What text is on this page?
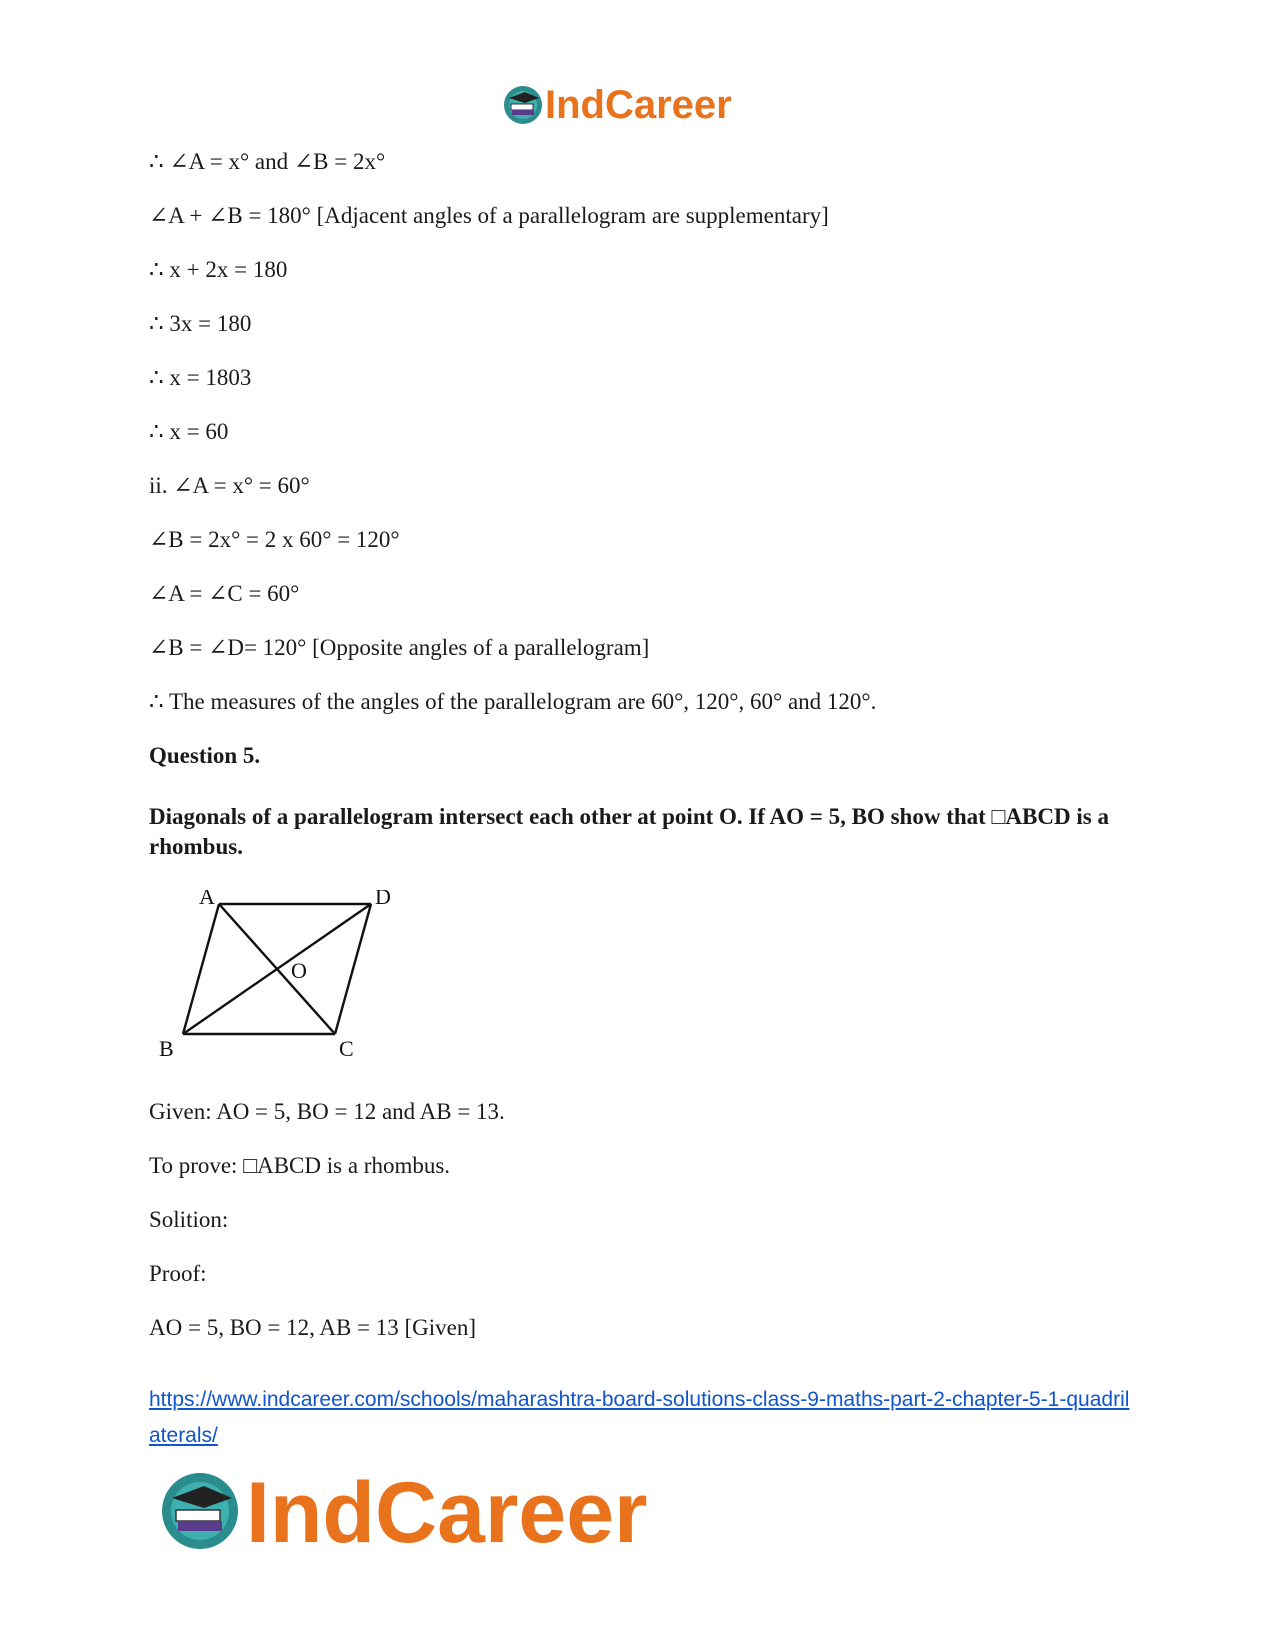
IndCareer
∴ ∠A = x° and ∠B = 2x°
∠A + ∠B = 180° [Adjacent angles of a parallelogram are supplementary]
∴ x + 2x = 180
∴ 3x = 180
∴ x = 1803
∴ x = 60
ii. ∠A = x° = 60°
∠B = 2x° = 2 x 60° = 120°
∠A = ∠C = 60°
∠B = ∠D= 120° [Opposite angles of a parallelogram]
∴ The measures of the angles of the parallelogram are 60°, 120°, 60° and 120°.
Question 5.
Diagonals of a parallelogram intersect each other at point O. If AO = 5, BO show that □ABCD is a rhombus.
A	D
O
B	C
Given: AO = 5, BO = 12 and AB = 13.
To prove: □ABCD is a rhombus.
Solition:
Proof:
AO = 5, BO = 12, AB = 13 [Given]
https://www.indcareer.com/schools/maharashtra-board-solutions-class-9-maths-part-2-chapter-5-1-quadrilaterals/
IndCareer
